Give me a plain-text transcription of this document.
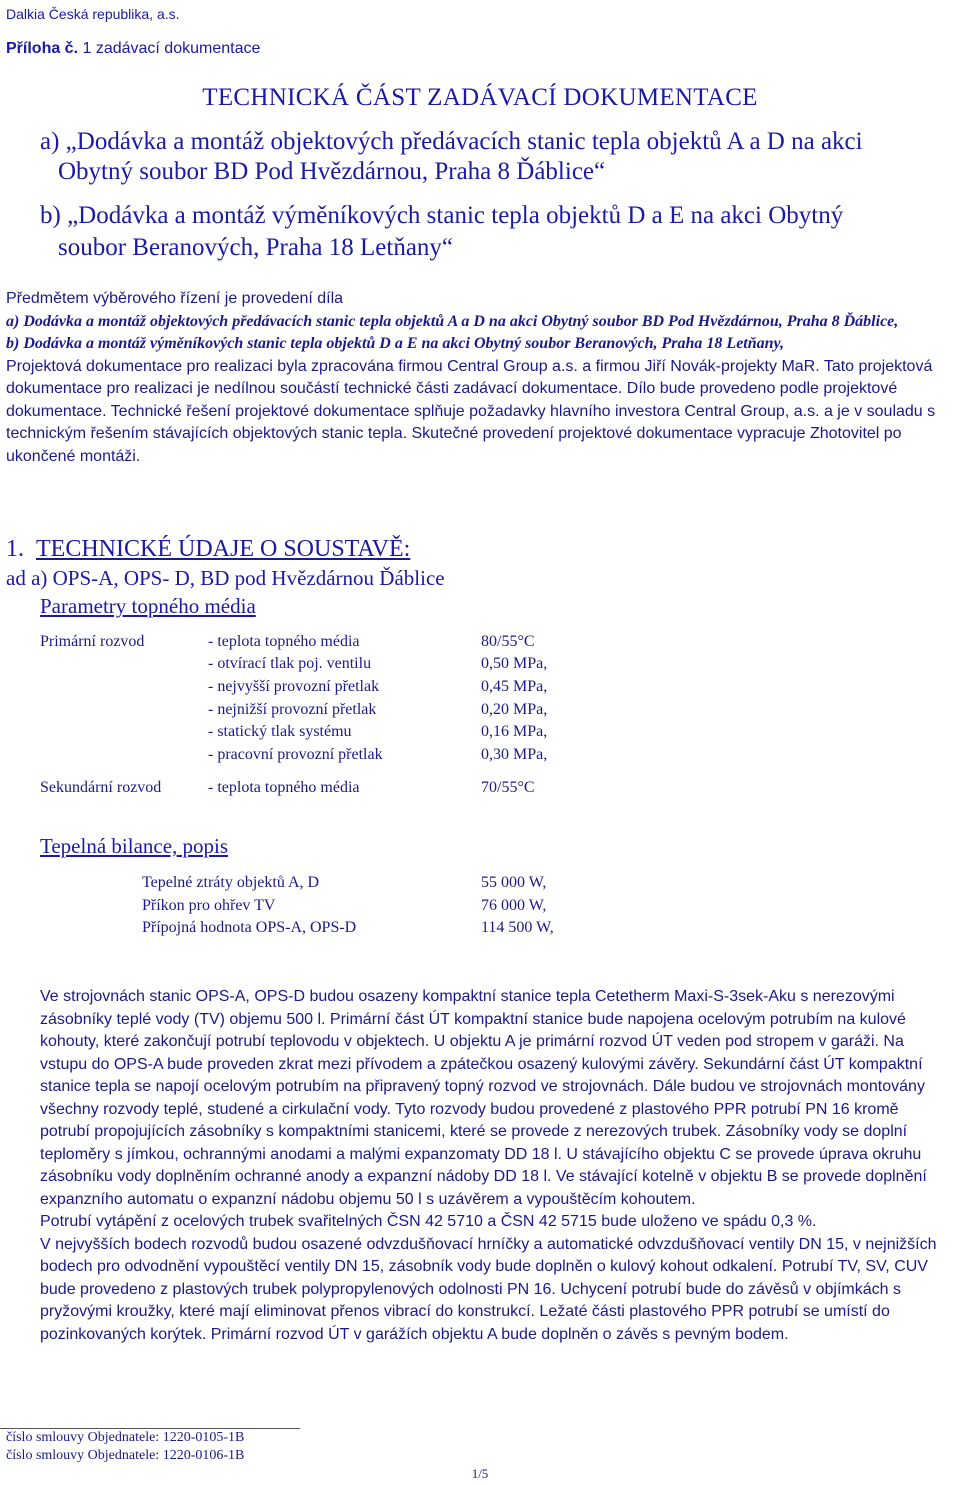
Dalkia Česká republika, a.s.
Příloha č. 1 zadávací dokumentace
TECHNICKÁ ČÁST ZADÁVACÍ DOKUMENTACE
a) „Dodávka a montáž objektových předávacích stanic tepla objektů A a D na akci
Obytný soubor BD Pod Hvězdárnou, Praha 8 Ďáblice“
b) „Dodávka a montáž výměníkových stanic tepla objektů D a E na akci Obytný
soubor Beranových, Praha 18 Letňany“
Předmětem výběrového řízení je provedení díla
a) Dodávka a montáž objektových předávacích stanic tepla objektů A a D na akci Obytný soubor BD Pod Hvězdárnou, Praha 8 Ďáblice,
b) Dodávka a montáž výměníkových stanic tepla objektů D a E na akci Obytný soubor Beranových, Praha 18 Letňany,
Projektová dokumentace pro realizaci byla zpracována firmou Central Group a.s. a firmou Jiří Novák-projekty MaR. Tato projektová dokumentace pro realizaci je nedílnou součástí technické části zadávací dokumentace. Dílo bude provedeno podle projektové dokumentace. Technické řešení projektové dokumentace splňuje požadavky hlavního investora Central Group, a.s. a je v souladu s technickým řešením stávajících objektových stanic tepla. Skutečné provedení projektové dokumentace vypracuje Zhotovitel po ukončené montáži.
1. TECHNICKÉ ÚDAJE O SOUSTAVĚ:
ad a) OPS-A, OPS- D, BD pod Hvězdárnou Ďáblice
Parametry topného média
Primární rozvod	- teplota topného média	80/55°C
- otvírací tlak poj. ventilu	0,50 MPa,
- nejvyšší provozní přetlak	0,45 MPa,
- nejnižší provozní přetlak	0,20 MPa,
- statický tlak systému	0,16 MPa,
- pracovní provozní přetlak	0,30 MPa,
Sekundární rozvod	- teplota topného média	70/55°C
Tepelná bilance, popis
Tepelné ztráty objektů A, D	55 000 W,
Příkon pro ohřev TV	76 000 W,
Přípojná hodnota OPS-A, OPS-D	114 500 W,

Ve strojovnách stanic OPS-A, OPS-D budou osazeny kompaktní stanice tepla Cetetherm Maxi-S-3sek-Aku s nerezovými zásobníky teplé vody (TV) objemu 500 l. Primární část ÚT kompaktní stanice bude napojena ocelovým potrubím na kulové kohouty, které zakončují potrubí teplovodu v objektech. U objektu A je primární rozvod ÚT veden pod stropem v garáži. Na vstupu do OPS-A bude proveden zkrat mezi přívodem a zpátečkou osazený kulovými závěry. Sekundární část ÚT kompaktní stanice tepla se napojí ocelovým potrubím na připravený topný rozvod ve strojovnách. Dále budou ve strojovnách montovány všechny rozvody teplé, studené a cirkulační vody. Tyto rozvody budou provedené z plastového PPR potrubí PN 16 kromě potrubí propojujících zásobníky s kompaktními stanicemi, které se provede z nerezových trubek. Zásobníky vody se doplní teploměry s jímkou, ochrannými anodami a malými expanzomaty DD 18 l. U stávajícího objektu C se provede úprava okruhu zásobníku vody doplněním ochranné anody a expanzní nádoby DD 18 l. Ve stávající kotelně v objektu B se provede doplnění expanzního automatu o expanzní nádobu objemu 50 l s uzávěrem a vypouštěcím kohoutem.

Potrubí vytápění z ocelových trubek svařitelných ČSN 42 5710 a ČSN 42 5715 bude uloženo ve spádu 0,3 %.

V nejvyšších bodech rozvodů budou osazené odvzdušňovací hrníčky a automatické odvzdušňovací ventily DN 15, v nejnižších bodech pro odvodnění vypouštěcí ventily DN 15, zásobník vody bude doplněn o kulový kohout odkalení. Potrubí TV, SV, CUV bude provedeno z plastových trubek polypropylenových odolnosti PN 16. Uchycení potrubí bude do závěsů v objímkách s pryžovými kroužky, které mají eliminovat přenos vibrací do konstrukcí. Ležaté části plastového PPR potrubí se umístí do pozinkovaných korýtek. Primární rozvod ÚT v garážích objektu A bude doplněn o závěs s pevným bodem.

číslo smlouvy Objednatele: 1220-0105-1B
číslo smlouvy Objednatele: 1220-0106-1B
1/5
